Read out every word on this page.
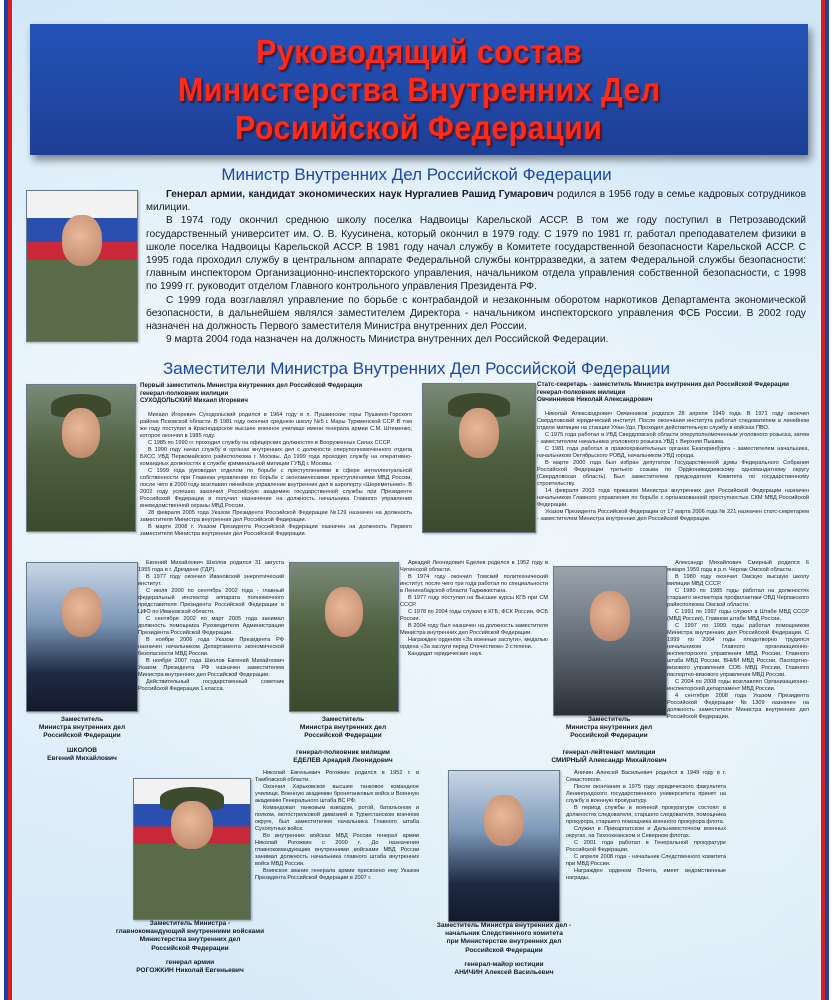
Руководящий состав
Министерства Внутренних Дел
Росиийской Федерации
Министр Внутренних Дел Российской Федерации

Генерал армии, кандидат экономических наук Нургалиев Рашид Гумарович родился в 1956 году в семье кадровых сотрудников милиции.

В 1974 году окончил среднюю школу поселка Надвоицы Карельской АССР. В том же году поступил в Петрозаводский государственный университет им. О. В. Куусинена, который окончил в 1979 году. С 1979 по 1981 гг. работал преподавателем физики в школе поселка Надвоицы Карельской АССР. В 1981 году начал службу в Комитете государственной безопасности Карельской АССР. С 1995 года проходил службу в центральном аппарате Федеральной службы контрразведки, а затем Федеральной службы безопасности: главным инспектором Организационно-инспекторского управления, начальником отдела управления собственной безопасности, с 1998 по 1999 гг. руководит отделом Главного контрольного управления Президента РФ.

С 1999 года возглавлял управление по борьбе с контрабандой и незаконным оборотом наркотиков Департамента экономической безопасности, в дальнейшем являлся заместителем Директора - начальником инспекторского управления ФСБ России. В 2002 году назначен на должность Первого заместителя Министра внутренних дел России.

9 марта 2004 года назначен на должность Министра внутренних дел Российской Федерации.

Заместители Министра Внутренних Дел Российской Федерации
Первый заместитель Министра внутренних дел Российской Федерации
генерал-полковник милиции
СУХОДОЛЬСКИЙ Михаил Игоревич

Михаил Игоревич Суходольский родился в 1964 году в п. Пушкинские горы Пушкино-Горского района Псковской области. В 1981 году окончил среднюю школу №5 г. Мары Туркменской ССР. В том же году поступил в Краснодарское высшее военное училище имени генерала армии С.М. Штеменко, которое окончил в 1985 году.

С 1985 по 1990 гг. проходил службу на офицерских должностях в Вооруженных Силах СССР.

В 1990 году начал службу в органах внутренних дел с должности оперуполномоченного отдела БХСС УВД Первомайского райисполкома г. Москвы. До 1999 года проходил службу на оперативно-командных должностях в службе криминальной милиции ГУВД г. Москвы.

С 1999 года руководил отделом по борьбе с преступлениями в сфере интеллектуальной собственности при Главном управлении по борьбе с экономическими преступлениями МВД России, после чего в 2000 году возглавил линейное управление внутренних дел в аэропорту «Шереметьево». В 2002 году успешно закончил Российскую академию государственной службы при Президенте Российской Федерации и получил назначение на должность начальника Главного управления вневедомственной охраны МВД России.

28 февраля 2005 года Указом Президента Российской Федерации №129 назначен на должность заместителя Министра внутренних дел Российской Федерации.

В марте 2008 г. Указом Президента Российской Федерации назначен на должность Первого заместителя Министра внутренних дел Российской Федерации.

Статс-секретарь - заместитель Министра внутренних дел Российской Федерации
генерал-полковник милиции
Овчинников Николай Александрович

Николай Александрович Овчинников родился 28 апреля 1949 года. В 1971 году окончил Свердловский юридический институт. После окончания института работал следователем в линейном отделе милиции на станции Улан-Удэ. Проходил действительную службу в войсках ПВО.

С 1975 года работал в УВД Свердловской области оперуполномоченным уголовного розыска, затем - заместителем начальника уголовного розыска УВД г. Верхняя Пышма.

С 1981 года работал в правоохранительных органах Екатеринбурга - заместителем начальника, начальником Октябрьского РОВД, начальником УВД города.

В марте 2000 года был избран депутатом Государственной думы Федерального Собрания Российской Федерации третьего созыва по Орджоникидзевскому одномандатному округу (Свердловская область). Был заместителем председателя Комитета по государственному строительству.

14 февраля 2003 года приказом Министра внутренних дел Российской Федерации назначен начальником Главного управления по борьбе с организованной преступностью СКМ МВД Российской Федерации.

Указом Президента Российской Федерации от 17 марта 2006 года № 221 назначен статс-секретарем - заместителем Министра внутренних дел Российской Федерации.

Евгений Михайлович Школов родился 31 августа 1955 года в г. Дрездене (ГДР).

В 1977 году окончил Ивановский энергетический институт.

С июля 2000 по сентябрь 2002 года - главный федеральный инспектор аппарата полномочного представителя Президента Российской Федерации в ЦФО по Ивановской области.

С сентября 2002 по март 2005 года занимал должность помощника Руководителя Администрации Президента Российской Федерации.

В ноябре 2006 года Указом Президента РФ назначен начальником Департамента экономической безопасности МВД России.

В ноябре 2007 года Школов Евгений Михайлович Указом Президента РФ назначен заместителем Министра внутренних дел Российской Федерации.

Действительный государственный советник Российской Федерации 1 класса.

Заместитель
Министра внутренних дел
Российской Федерации
ШКОЛОВ
Евгений Михайлович

Аркадий Леонидович Еделев родился в 1952 году в Читинской области.

В 1974 году окончил Томский политехнический институт, после чего три года работал по специальности в Ленинабадской области Таджикистана.

В 1977 году поступил на Высшие курсы КГБ при СМ СССР.

С 1978 по 2004 годы служил в КГБ, ФСК России, ФСБ России.

В 2004 году был назначен на должность заместителя Министра внутренних дел Российской Федерации.

Награжден орденом «За военные заслуги», медалью ордена «За заслуги перед Отечеством» 2 степени.

Кандидат юридических наук.

Заместитель
Министра внутренних дел
Российской Федерации
генерал-полковник милиции
ЕДЕЛЕВ Аркадий Леонидович

Александр Михайлович Смирный родился 6 января 1959 года в р.п. Черлак Омской области.

В 1980 году окончил Омскую высшую школу милиции МВД СССР.

С 1980 по 1985 годы работал на должностях старшего инспектора профилактики ОВД Черлакского райисполкома Омской области.

С 1991 по 1997 годы служил в Штабе МВД СССР (МВД России), Главном штабе МВД России.

С 1997 по 1999 годы работал помощником Министра внутренних дел Российской Федерации. С 1999 по 2004 годы плодотворно трудился начальником Главного организационно-инспекторского управления МВД России, Главного штаба МВД России, ВНИИ МВД России, Паспортно-визового управления СОБ МВД России, Главного паспортно-визового управления МВД России.

С 2004 по 2008 годы возглавлял Организационно-инспекторский департамент МВД России.

4 сентября 2008 года Указом Президента Российской Федерации №1309 назначен на должность заместителя Министра внутренних дел Российской Федерации.

Заместитель
Министра внутренних дел
Российской Федерации
генерал-лейтенант милиции
СМИРНЫЙ Александр Михайлович

Николай Евгеньевич Рогожкин родился в 1952 г. в Тамбовской области.

Окончил Харьковское высшее танковое командное училище, Военную академию бронетанковых войск и Военную академию Генерального штаба ВС РФ.

Командовал танковым взводом, ротой, батальоном и полком, мотострелковой дивизией в Туркестанском военном округе, был заместителем начальника Главного штаба Сухопутных войск.

Во внутренних войсках МВД России генерал армии Николай Рогожкин с 2000 г. До назначения главнокомандующим внутренними войсками МВД России занимал должность начальника главного штаба внутренних войск МВД России.

Воинское звание генерала армии присвоено ему Указом Президента Российской Федерации в 2007 г.

Заместитель Министра -
главнокомандующий внутренними войсками
Министерства внутренних дел
Российской Федерации
генерал армии
РОГОЖКИН Николай Евгеньевич

Аничин Алексей Васильевич родился в 1949 году в г. Севастополе.

После окончания в 1975 году юридического факультета Ленинградского государственного университета принят на службу в военную прокуратуру.

В период службы в военной прокуратуре состоял в должностях следователя, старшего следователя, помощника прокурора, старшего помощника военного прокурора флота.

Служил в Прикарпатском и Дальневосточном военных округах, на Тихоокеанском и Северном флотах.

С 2001 года работал в Генеральной прокуратуре Российской Федерации.

С апреля 2008 года - начальник Следственного комитета при МВД России.

Награжден орденом Почета, имеет ведомственные награды.

Заместитель Министра внутренних дел -
начальник Следственного комитета
при Министерстве внутренних дел
Российской Федерации
генерал-майор юстиции
АНИЧИН Алексей Васильевич
